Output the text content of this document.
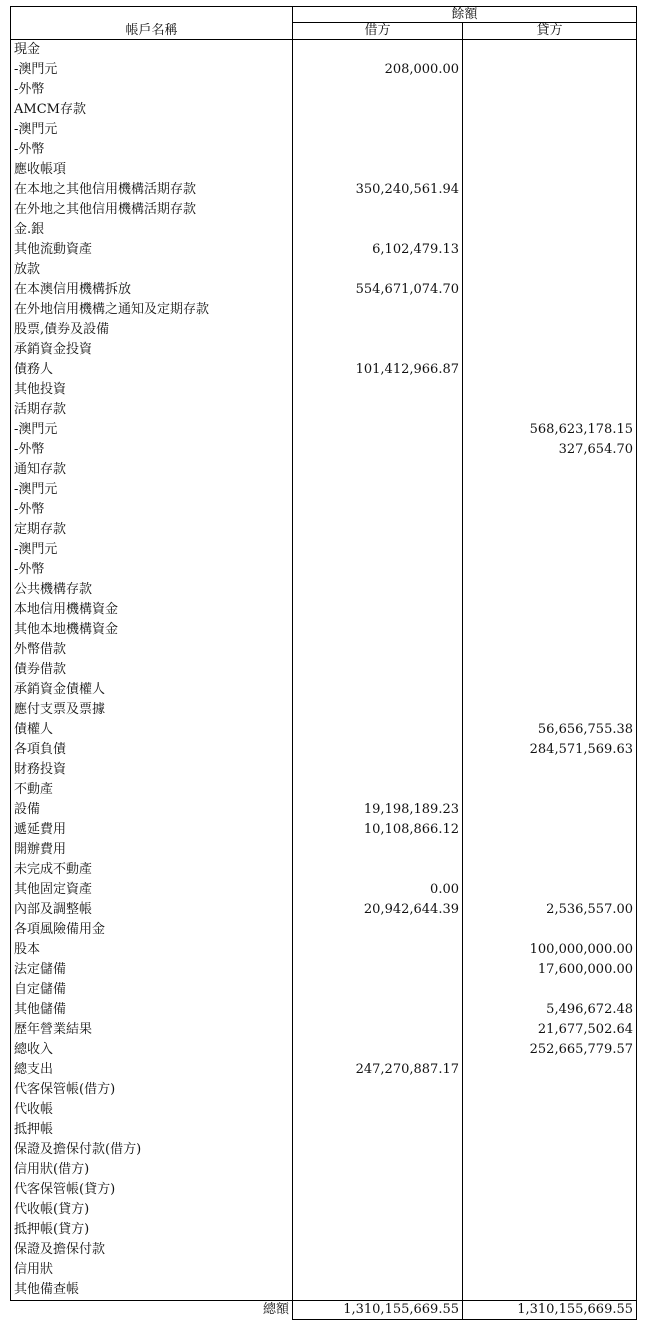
	餘額	
帳戶名稱	借方	貸方
現金		
-澳門元	208,000.00	
-外幣		
AMCM存款		
-澳門元		
-外幣		
應收帳項		
在本地之其他信用機構活期存款	350,240,561.94	
在外地之其他信用機構活期存款		
金.銀		
其他流動資產	6,102,479.13	
放款		
在本澳信用機構拆放	554,671,074.70	
在外地信用機構之通知及定期存款		
股票,債券及設備		
承銷資金投資		
債務人	101,412,966.87	
其他投資		
活期存款		
-澳門元		568,623,178.15
-外幣		327,654.70
通知存款		
-澳門元		
-外幣		
定期存款		
-澳門元		
-外幣		
公共機構存款		
本地信用機構資金		
其他本地機構資金		
外幣借款		
債券借款		
承銷資金債權人		
應付支票及票據		
債權人		56,656,755.38
各項負債		284,571,569.63
財務投資		
不動產		
設備	19,198,189.23	
遞延費用	10,108,866.12	
開辦費用		
未完成不動產		
其他固定資產	0.00	
內部及調整帳	20,942,644.39	2,536,557.00
各項風險備用金		
股本		100,000,000.00
法定儲備		17,600,000.00
自定儲備		
其他儲備		5,496,672.48
歷年營業結果		21,677,502.64
總收入		252,665,779.57
總支出	247,270,887.17	
代客保管帳(借方)		
代收帳		
抵押帳		
保證及擔保付款(借方)		
信用狀(借方)		
代客保管帳(貸方)		
代收帳(貸方)		
抵押帳(貸方)		
保證及擔保付款		
信用狀		
其他備查帳		
總額	1,310,155,669.55	1,310,155,669.55
